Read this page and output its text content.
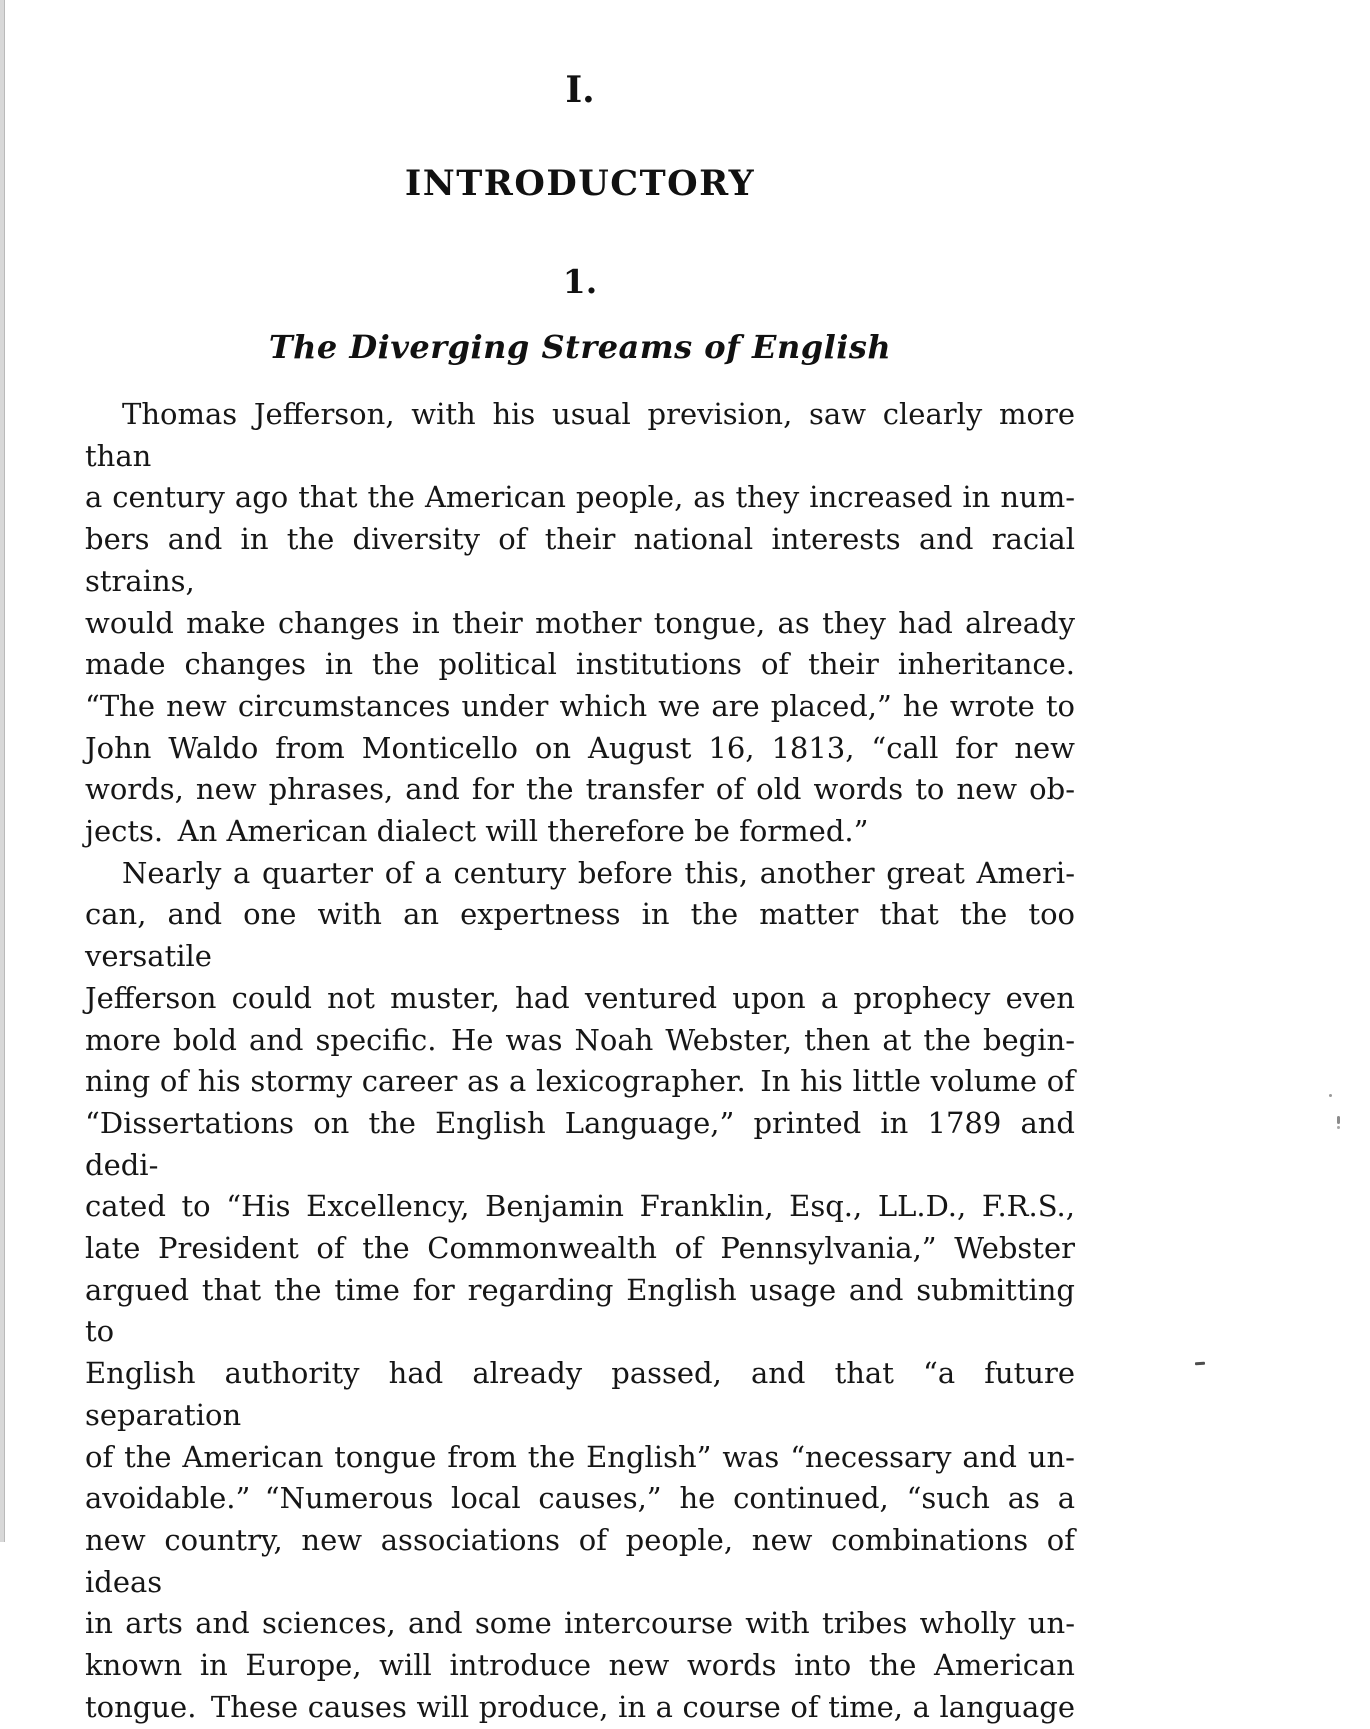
I.
INTRODUCTORY
1.
The Diverging Streams of English

Thomas Jefferson, with his usual prevision, saw clearly more than
a century ago that the American people, as they increased in num-
bers and in the diversity of their national interests and racial strains,
would make changes in their mother tongue, as they had already
made changes in the political institutions of their inheritance.
“The new circumstances under which we are placed,” he wrote to
John Waldo from Monticello on August 16, 1813, “call for new
words, new phrases, and for the transfer of old words to new ob-
jects. An American dialect will therefore be formed.”

Nearly a quarter of a century before this, another great Ameri-
can, and one with an expertness in the matter that the too versatile
Jefferson could not muster, had ventured upon a prophecy even
more bold and specific. He was Noah Webster, then at the begin-
ning of his stormy career as a lexicographer. In his little volume of
“Dissertations on the English Language,” printed in 1789 and dedi-
cated to “His Excellency, Benjamin Franklin, Esq., LL.D., F.R.S.,
late President of the Commonwealth of Pennsylvania,” Webster
argued that the time for regarding English usage and submitting to
English authority had already passed, and that “a future separation
of the American tongue from the English” was “necessary and un-
avoidable.” “Numerous local causes,” he continued, “such as a
new country, new associations of people, new combinations of ideas
in arts and sciences, and some intercourse with tribes wholly un-
known in Europe, will introduce new words into the American
tongue. These causes will produce, in a course of time, a language
